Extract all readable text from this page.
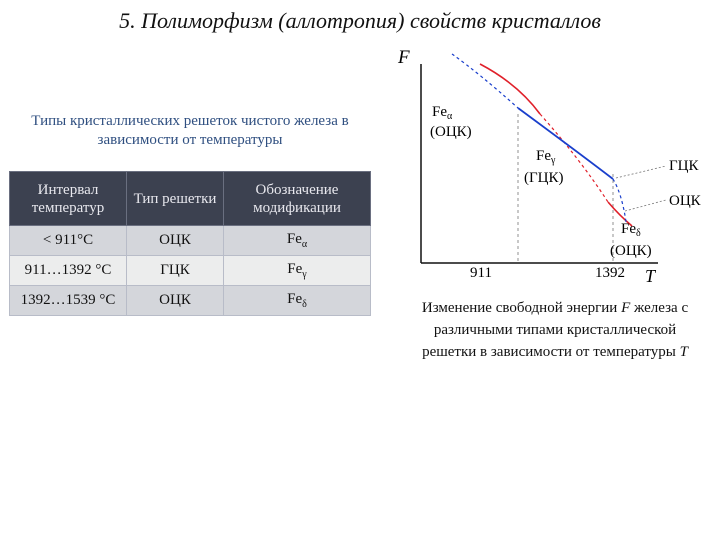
5. Полиморфизм (аллотропия) свойств кристаллов
Типы кристаллических решеток чистого железа в зависимости от температуры
Интервал температур	Тип решетки	Обозначение модификации
< 911°С	ОЦК	$Fe_\alpha$
911…1392 °С	ГЦК	$Fe_\gamma$
1392…1539 °С	ОЦК	$Fe_\delta$
F
T
911	1392
$Fe_\alpha$
(ОЦК)
$Fe_\gamma$
(ГЦК)
$Fe_\delta$
(ОЦК)
ГЦК
ОЦК
Изменение свободной энергии F железа с различными типами кристаллической решетки в зависимости от температуры T
